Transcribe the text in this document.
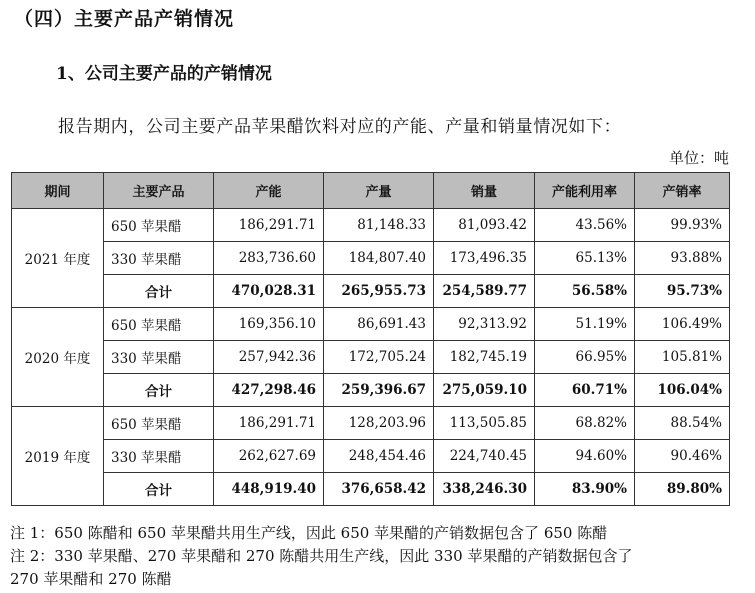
（四）主要产品产销情况
1、公司主要产品的产销情况
报告期内，公司主要产品苹果醋饮料对应的产能、产量和销量情况如下：
单位：吨
期间	主要产品	产能	产量	销量	产能利用率	产销率
2021 年度	650 苹果醋	186,291.71	81,148.33	81,093.42	43.56%	99.93%
	330 苹果醋	283,736.60	184,807.40	173,496.35	65.13%	93.88%
	合计	470,028.31	265,955.73	254,589.77	56.58%	95.73%
2020 年度	650 苹果醋	169,356.10	86,691.43	92,313.92	51.19%	106.49%
	330 苹果醋	257,942.36	172,705.24	182,745.19	66.95%	105.81%
	合计	427,298.46	259,396.67	275,059.10	60.71%	106.04%
2019 年度	650 苹果醋	186,291.71	128,203.96	113,505.85	68.82%	88.54%
	330 苹果醋	262,627.69	248,454.46	224,740.45	94.60%	90.46%
	合计	448,919.40	376,658.42	338,246.30	83.90%	89.80%
注 1：650 陈醋和 650 苹果醋共用生产线，因此 650 苹果醋的产销数据包含了 650 陈醋
注 2：330 苹果醋、270 苹果醋和 270 陈醋共用生产线，因此 330 苹果醋的产销数据包含了
270 苹果醋和 270 陈醋
